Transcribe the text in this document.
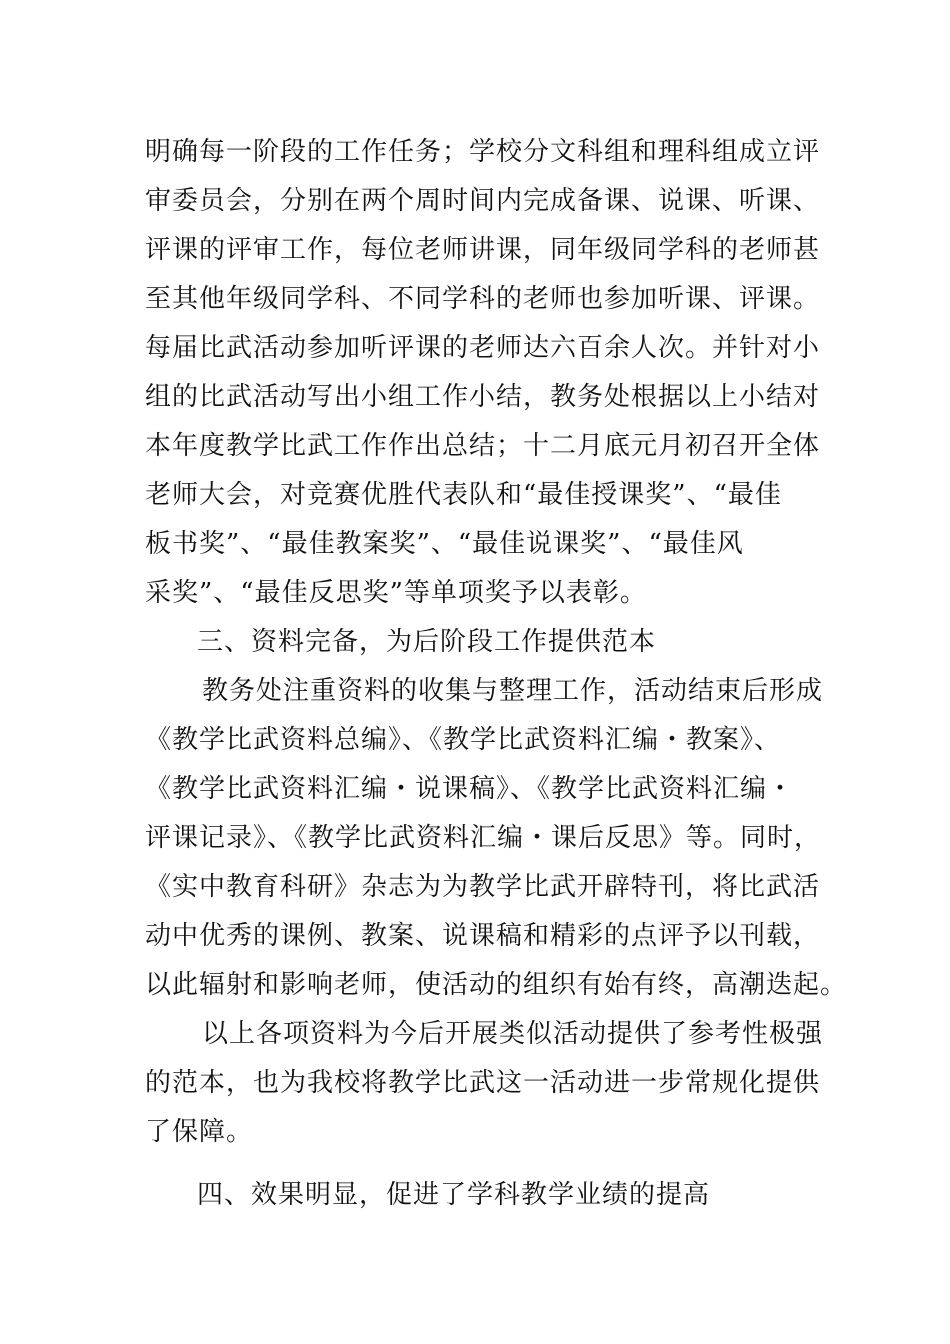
明确每一阶段的工作任务；学校分文科组和理科组成立评
审委员会，分别在两个周时间内完成备课、说课、听课、
评课的评审工作，每位老师讲课，同年级同学科的老师甚
至其他年级同学科、不同学科的老师也参加听课、评课。
每届比武活动参加听评课的老师达六百余人次。并针对小
组的比武活动写出小组工作小结，教务处根据以上小结对
本年度教学比武工作作出总结；十二月底元月初召开全体
老师大会，对竞赛优胜代表队和“最佳授课奖”、“最佳
板书奖”、“最佳教案奖”、“最佳说课奖”、“最佳风
采奖”、“最佳反思奖”等单项奖予以表彰。
三、资料完备，为后阶段工作提供范本
教务处注重资料的收集与整理工作，活动结束后形成
《教学比武资料总编》、《教学比武资料汇编・教案》、
《教学比武资料汇编・说课稿》、《教学比武资料汇编・
评课记录》、《教学比武资料汇编・课后反思》等。同时，
《实中教育科研》杂志为为教学比武开辟特刊，将比武活
动中优秀的课例、教案、说课稿和精彩的点评予以刊载，
以此辐射和影响老师，使活动的组织有始有终，高潮迭起。
以上各项资料为今后开展类似活动提供了参考性极强
的范本，也为我校将教学比武这一活动进一步常规化提供
了保障。
四、效果明显，促进了学科教学业绩的提高
